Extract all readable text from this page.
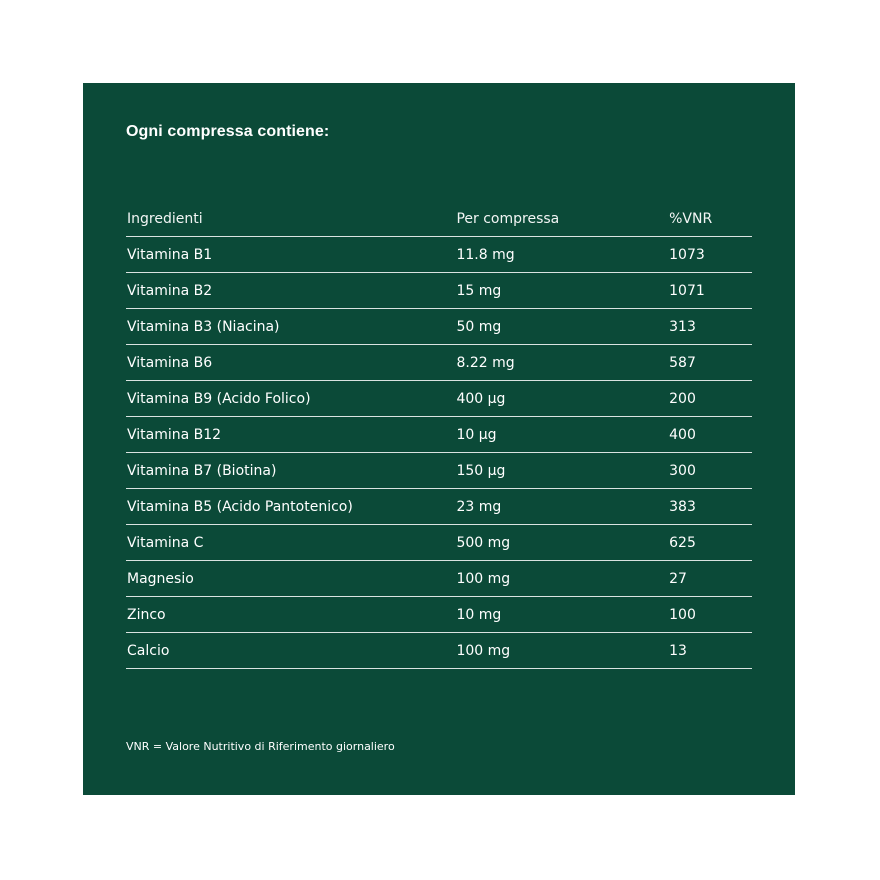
Ogni compressa contiene:
Ingredienti	Per compressa	%VNR
Vitamina B1	11.8 mg	1073
Vitamina B2	15 mg	1071
Vitamina B3 (Niacina)	50 mg	313
Vitamina B6	8.22 mg	587
Vitamina B9 (Acido Folico)	400 µg	200
Vitamina B12	10 µg	400
Vitamina B7 (Biotina)	150 µg	300
Vitamina B5 (Acido Pantotenico)	23 mg	383
Vitamina C	500 mg	625
Magnesio	100 mg	27
Zinco	10 mg	100
Calcio	100 mg	13
VNR = Valore Nutritivo di Riferimento giornaliero
